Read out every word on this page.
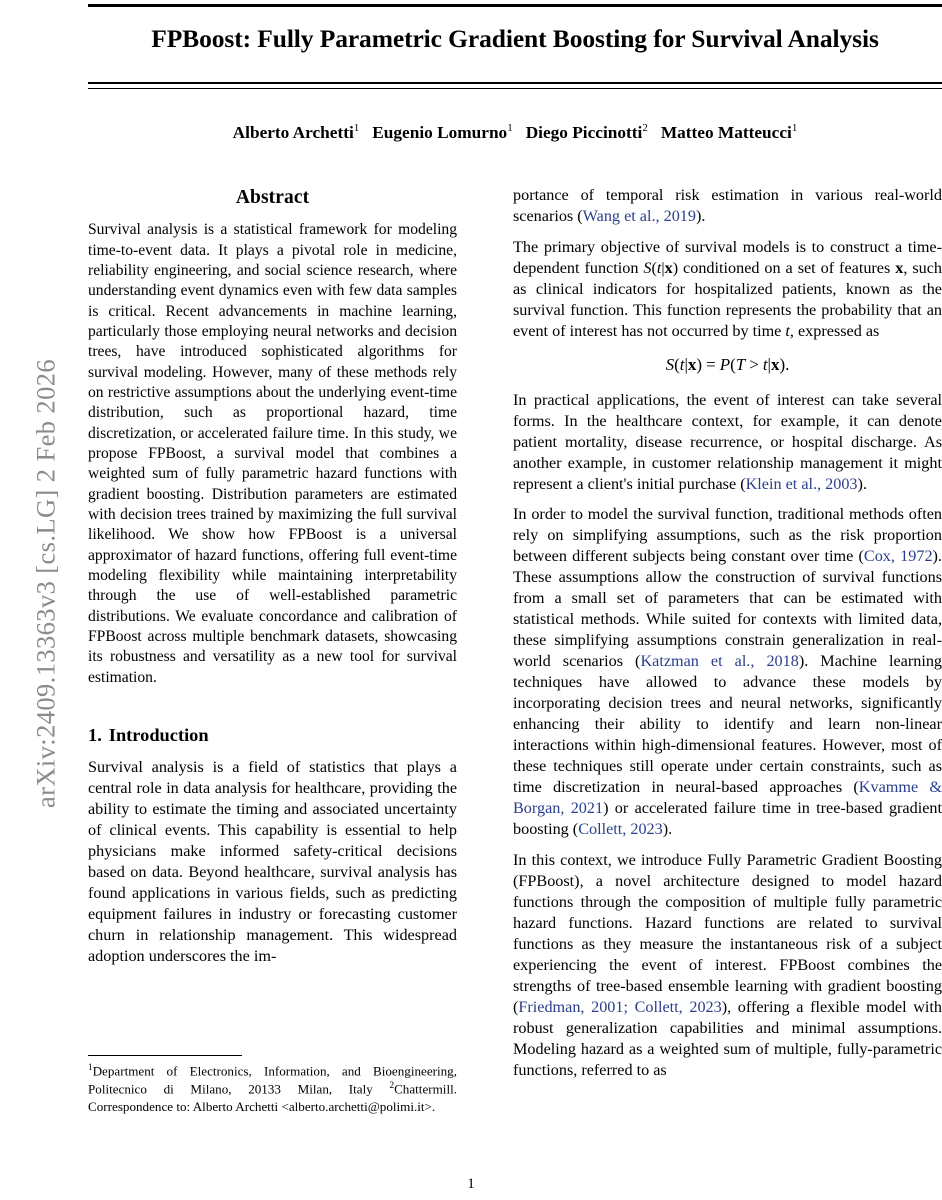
arXiv:2409.13363v3 [cs.LG] 2 Feb 2026
FPBoost: Fully Parametric Gradient Boosting for Survival Analysis
Alberto Archetti$^1$ Eugenio Lomurno$^1$ Diego Piccinotti$^2$ Matteo Matteucci$^1$
Abstract

Survival analysis is a statistical framework for modeling time-to-event data. It plays a pivotal role in medicine, reliability engineering, and social science research, where understanding event dynamics even with few data samples is critical. Recent advancements in machine learning, particularly those employing neural networks and decision trees, have introduced sophisticated algorithms for survival modeling. However, many of these methods rely on restrictive assumptions about the underlying event-time distribution, such as proportional hazard, time discretization, or accelerated failure time. In this study, we propose FPBoost, a survival model that combines a weighted sum of fully parametric hazard functions with gradient boosting. Distribution parameters are estimated with decision trees trained by maximizing the full survival likelihood. We show how FPBoost is a universal approximator of hazard functions, offering full event-time modeling flexibility while maintaining interpretability through the use of well-established parametric distributions. We evaluate concordance and calibration of FPBoost across multiple benchmark datasets, showcasing its robustness and versatility as a new tool for survival estimation.

1. Introduction

Survival analysis is a field of statistics that plays a central role in data analysis for healthcare, providing the ability to estimate the timing and associated uncertainty of clinical events. This capability is essential to help physicians make informed safety-critical decisions based on data. Beyond healthcare, survival analysis has found applications in various fields, such as predicting equipment failures in industry or forecasting customer churn in relationship management. This widespread adoption underscores the im-

portance of temporal risk estimation in various real-world scenarios (Wang et al., 2019).

The primary objective of survival models is to construct a time-dependent function S(t|x) conditioned on a set of features x, such as clinical indicators for hospitalized patients, known as the survival function. This function represents the probability that an event of interest has not occurred by time t, expressed as

S(t|x) = P(T > t|x).

In practical applications, the event of interest can take several forms. In the healthcare context, for example, it can denote patient mortality, disease recurrence, or hospital discharge. As another example, in customer relationship management it might represent a client's initial purchase (Klein et al., 2003).

In order to model the survival function, traditional methods often rely on simplifying assumptions, such as the risk proportion between different subjects being constant over time (Cox, 1972). These assumptions allow the construction of survival functions from a small set of parameters that can be estimated with statistical methods. While suited for contexts with limited data, these simplifying assumptions constrain generalization in real-world scenarios (Katzman et al., 2018). Machine learning techniques have allowed to advance these models by incorporating decision trees and neural networks, significantly enhancing their ability to identify and learn non-linear interactions within high-dimensional features. However, most of these techniques still operate under certain constraints, such as time discretization in neural-based approaches (Kvamme & Borgan, 2021) or accelerated failure time in tree-based gradient boosting (Collett, 2023).

In this context, we introduce Fully Parametric Gradient Boosting (FPBoost), a novel architecture designed to model hazard functions through the composition of multiple fully parametric hazard functions. Hazard functions are related to survival functions as they measure the instantaneous risk of a subject experiencing the event of interest. FPBoost combines the strengths of tree-based ensemble learning with gradient boosting (Friedman, 2001; Collett, 2023), offering a flexible model with robust generalization capabilities and minimal assumptions. Modeling hazard as a weighted sum of multiple, fully-parametric functions, referred to as

$^1$Department of Electronics, Information, and Bioengineering, Politecnico di Milano, 20133 Milan, Italy $^2$Chattermill. Correspondence to: Alberto Archetti <alberto.archetti@polimi.it>.

1
